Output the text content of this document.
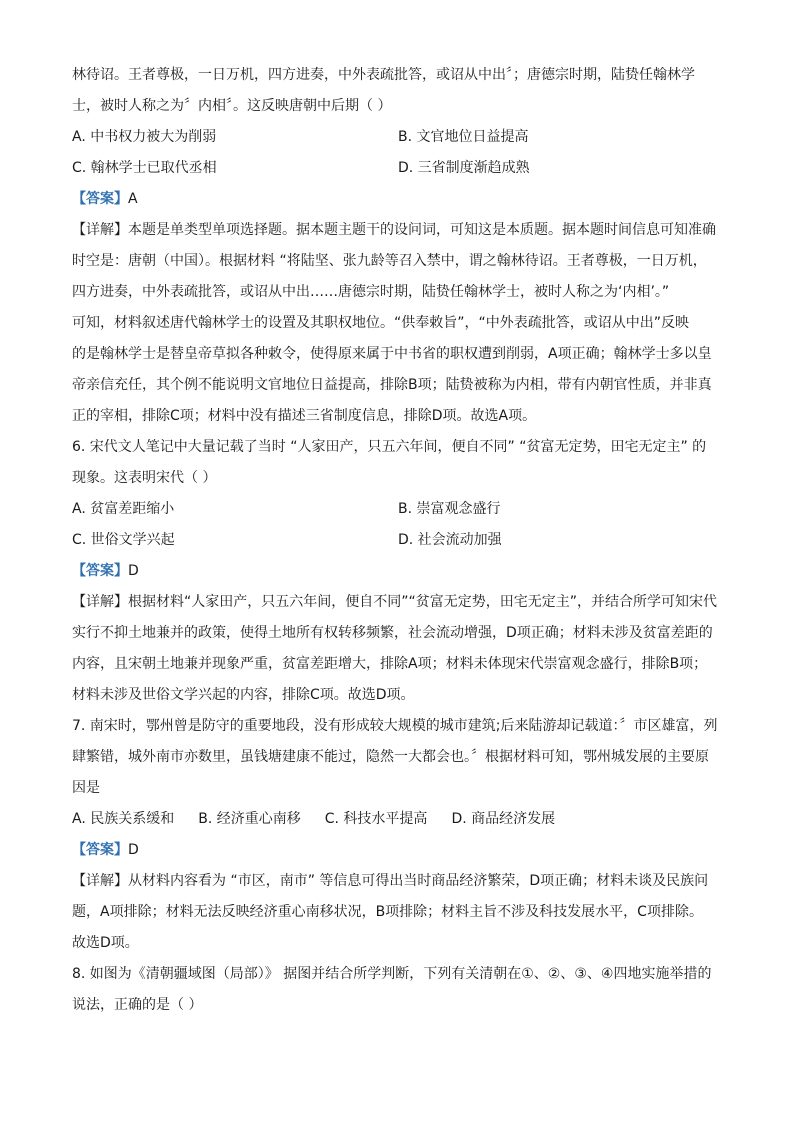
林待诏。王者尊极，一日万机，四方进奏，中外表疏批答，或诏从中出〞；唐德宗时期，陆贽任翰林学
士，被时人称之为〞内相〞。这反映唐朝中后期（ ）
A. 中书权力被大为削弱	B. 文官地位日益提高
C. 翰林学士已取代丞相	D. 三省制度渐趋成熟
【答案】A
【详解】本题是单类型单项选择题。据本题主题干的设问词，可知这是本质题。据本题时间信息可知准确
时空是：唐朝（中国）。根据材料 “将陆坚、张九龄等召入禁中，谓之翰林待诏。王者尊极，一日万机，
四方进奏，中外表疏批答，或诏从中出……唐德宗时期，陆贽任翰林学士，被时人称之为‘内相’。”
可知，材料叙述唐代翰林学士的设置及其职权地位。“供奉敕旨”，“中外表疏批答，或诏从中出”反映
的是翰林学士是替皇帝草拟各种敕令，使得原来属于中书省的职权遭到削弱，A项正确；翰林学士多以皇
帝亲信充任，其个例不能说明文官地位日益提高，排除B项；陆贽被称为内相，带有内朝官性质，并非真
正的宰相，排除C项；材料中没有描述三省制度信息，排除D项。故选A项。
6. 宋代文人笔记中大量记载了当时 “人家田产，只五六年间，便自不同” “贫富无定势，田宅无定主” 的
现象。这表明宋代（ ）
A. 贫富差距缩小	B. 崇富观念盛行
C. 世俗文学兴起	D. 社会流动加强
【答案】D
【详解】根据材料“人家田产，只五六年间，便自不同”“贫富无定势，田宅无定主”，并结合所学可知宋代
实行不抑土地兼并的政策，使得土地所有权转移频繁，社会流动增强，D项正确；材料未涉及贫富差距的
内容，且宋朝土地兼并现象严重，贫富差距增大，排除A项；材料未体现宋代崇富观念盛行，排除B项；
材料未涉及世俗文学兴起的内容，排除C项。故选D项。
7. 南宋时，鄂州曾是防守的重要地段，没有形成较大规模的城市建筑;后来陆游却记载道：〞市区雄富，列
肆繁错，城外南市亦数里，虽钱塘建康不能过，隐然一大都会也。〞根据材料可知，鄂州城发展的主要原
因是
A. 民族关系缓和 B. 经济重心南移 C. 科技水平提高 D. 商品经济发展
【答案】D
【详解】从材料内容看为 “市区，南市” 等信息可得出当时商品经济繁荣，D项正确；材料未谈及民族问
题，A项排除；材料无法反映经济重心南移状况，B项排除；材料主旨不涉及科技发展水平，C项排除。
故选D项。
8. 如图为《清朝疆域图（局部）》 据图并结合所学判断，下列有关清朝在①、②、③、④四地实施举措的
说法，正确的是（ ）
